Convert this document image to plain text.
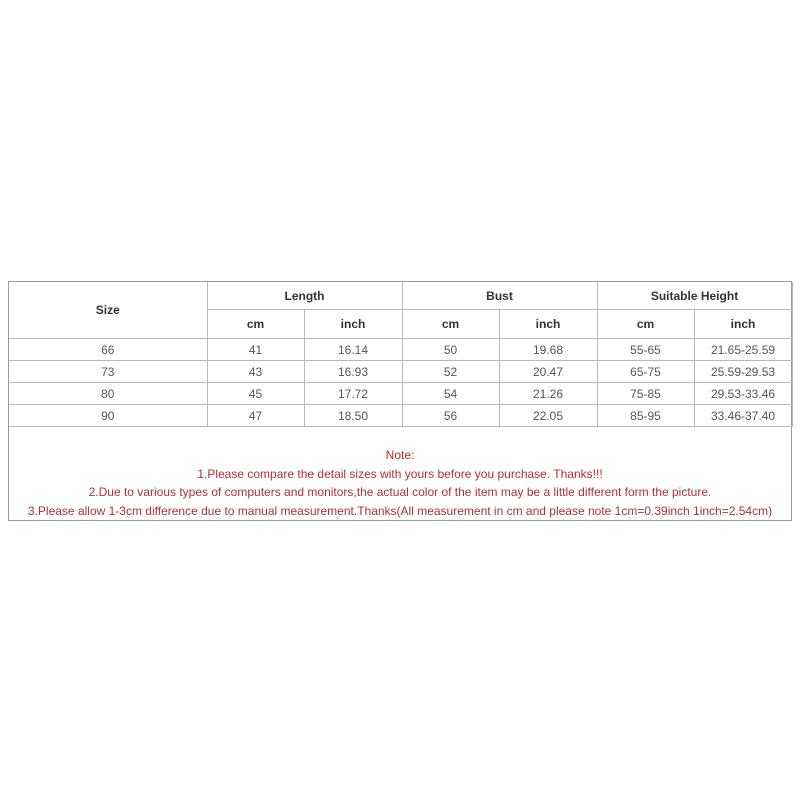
Size	Length		Bust		Suitable Height	
	cm	inch	cm	inch	cm	inch
66	41	16.14	50	19.68	55-65	21.65-25.59
73	43	16.93	52	20.47	65-75	25.59-29.53
80	45	17.72	54	21.26	75-85	29.53-33.46
90	47	18.50	56	22.05	85-95	33.46-37.40
Note:
1.Please compare the detail sizes with yours before you purchase. Thanks!!!
2.Due to various types of computers and monitors,the actual color of the item may be a little different form the picture.
3.Please allow 1-3cm difference due to manual measurement.Thanks(All measurement in cm and please note 1cm=0.39inch 1inch=2.54cm)
